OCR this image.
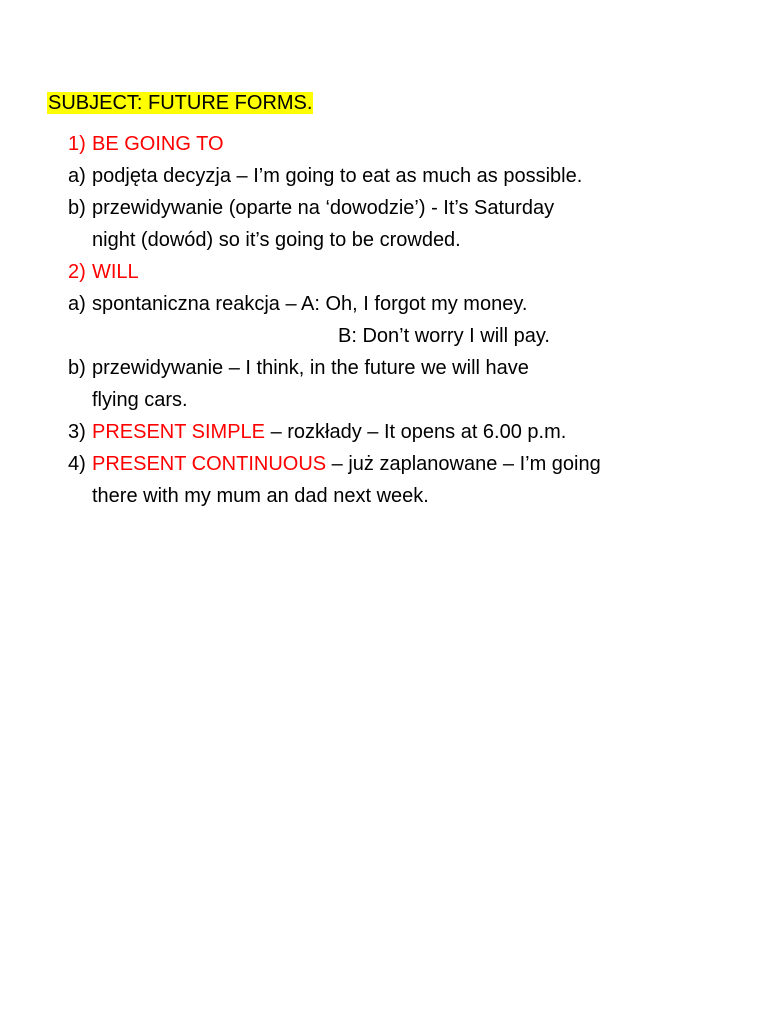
SUBJECT: FUTURE FORMS.
1) BE GOING TO
a) podjęta decyzja – I’m going to eat as much as possible.
b) przewidywanie (oparte na ‘dowodzie’) - It’s Saturday
night (dowód) so it’s going to be crowded.
2) WILL
a) spontaniczna reakcja – A: Oh, I forgot my money.
B: Don’t worry I will pay.
b) przewidywanie – I think, in the future we will have
flying cars.
3) PRESENT SIMPLE – rozkłady – It opens at 6.00 p.m.
4) PRESENT CONTINUOUS – już zaplanowane – I’m going
there with my mum an dad next week.
